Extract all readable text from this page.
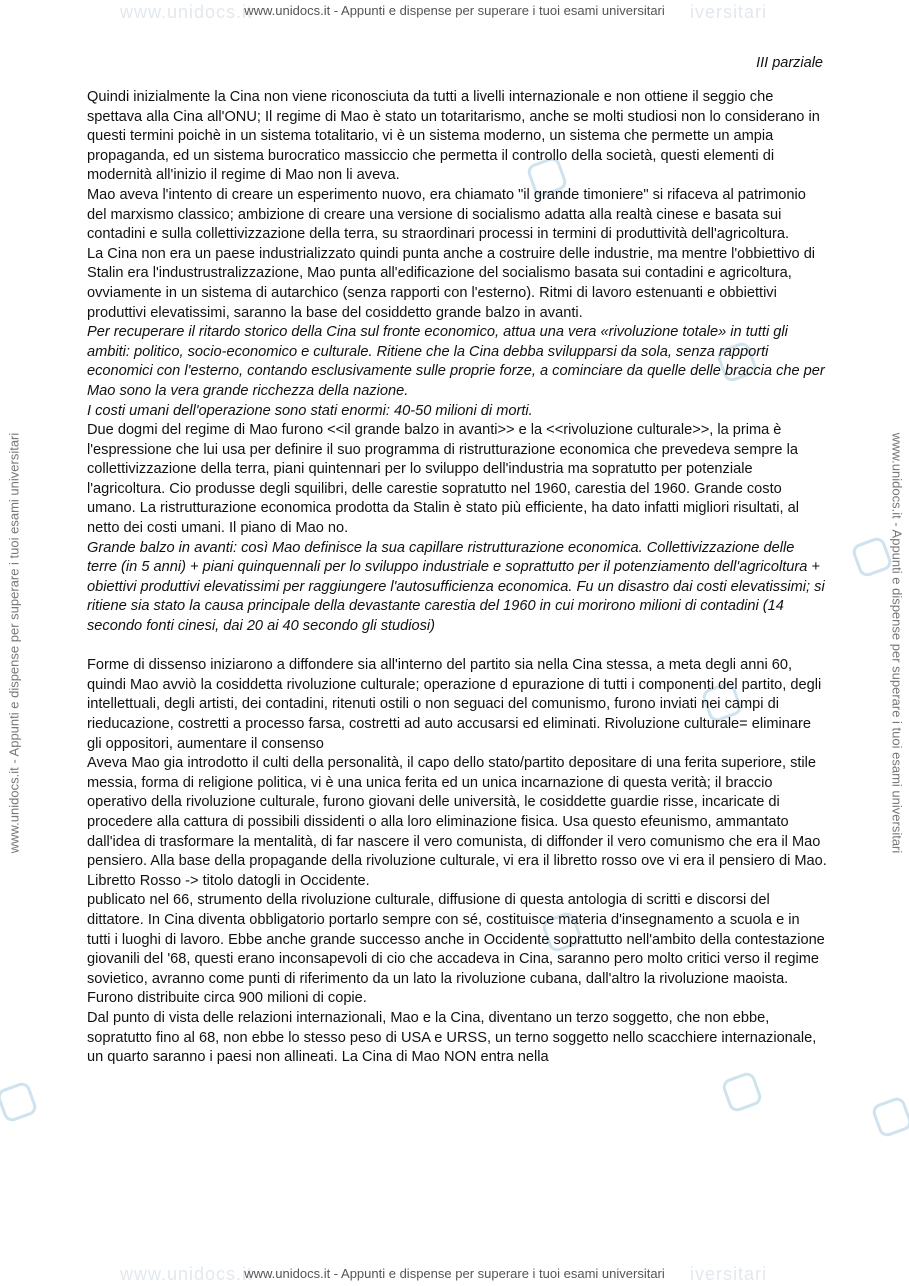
www.unidocs.it	iversitari
www.unidocs.it	iversitari
www.unidocs.it - Appunti e dispense per superare i tuoi esami universitari
www.unidocs.it - Appunti e dispense per superare i tuoi esami universitari
www.unidocs.it - Appunti e dispense per superare i tuoi esami universitari	www.unidocs.it - Appunti e dispense per superare i tuoi esami universitari
III parziale

Quindi inizialmente la Cina non viene riconosciuta da tutti a livelli internazionale e non ottiene il seggio che spettava alla Cina all'ONU; Il regime di Mao è stato un totaritarismo, anche se molti studiosi non lo considerano in questi termini poichè in un sistema totalitario, vi è un sistema moderno, un sistema che permette un ampia propaganda, ed un sistema burocratico massiccio che permetta il controllo della società, questi elementi di modernità all'inizio il regime di Mao non li aveva.

Mao aveva l'intento di creare un esperimento nuovo, era chiamato "il grande timoniere" si rifaceva al patrimonio del marxismo classico; ambizione di creare una versione di socialismo adatta alla realtà cinese e basata sui contadini e sulla collettivizzazione della terra, su straordinari processi in termini di produttività dell'agricoltura.

La Cina non era un paese industrializzato quindi punta anche a costruire delle industrie, ma mentre l'obbiettivo di Stalin era l'industrustralizzazione, Mao punta all'edificazione del socialismo basata sui contadini e agricoltura, ovviamente in un sistema di autarchico (senza rapporti con l'esterno). Ritmi di lavoro estenuanti e obbiettivi produttivi elevatissimi, saranno la base del cosiddetto grande balzo in avanti.

Per recuperare il ritardo storico della Cina sul fronte economico, attua una vera «rivoluzione totale» in tutti gli ambiti: politico, socio-economico e culturale. Ritiene che la Cina debba svilupparsi da sola, senza rapporti economici con l'esterno, contando esclusivamente sulle proprie forze, a cominciare da quelle delle braccia che per Mao sono la vera grande ricchezza della nazione.

I costi umani dell'operazione sono stati enormi: 40-50 milioni di morti.

Due dogmi del regime di Mao furono <<il grande balzo in avanti>> e la <<rivoluzione culturale>>, la prima è l'espressione che lui usa per definire il suo programma di ristrutturazione economica che prevedeva sempre la collettivizzazione della terra, piani quintennari per lo sviluppo dell'industria ma sopratutto per potenziale l'agricoltura. Cio produsse degli squilibri, delle carestie sopratutto nel 1960, carestia del 1960. Grande costo umano. La ristrutturazione economica prodotta da Stalin è stato più efficiente, ha dato infatti migliori risultati, al netto dei costi umani. Il piano di Mao no.

Grande balzo in avanti: così Mao definisce la sua capillare ristrutturazione economica. Collettivizzazione delle terre (in 5 anni) + piani quinquennali per lo sviluppo industriale e soprattutto per il potenziamento dell'agricoltura + obiettivi produttivi elevatissimi per raggiungere l'autosufficienza economica. Fu un disastro dai costi elevatissimi; si ritiene sia stato la causa principale della devastante carestia del 1960 in cui morirono milioni di contadini (14 secondo fonti cinesi, dai 20 ai 40 secondo gli studiosi)

Forme di dissenso iniziarono a diffondere sia all'interno del partito sia nella Cina stessa, a meta degli anni 60, quindi Mao avviò la cosiddetta rivoluzione culturale; operazione d epurazione di tutti i componenti del partito, degli intellettuali, degli artisti, dei contadini, ritenuti ostili o non seguaci del comunismo, furono inviati nei campi di rieducazione, costretti a processo farsa, costretti ad auto accusarsi ed eliminati. Rivoluzione culturale= eliminare gli oppositori, aumentare il consenso

Aveva Mao gia introdotto il culti della personalità, il capo dello stato/partito depositare di una ferita superiore, stile messia, forma di religione politica, vi è una unica ferita ed un unica incarnazione di questa verità; il braccio operativo della rivoluzione culturale, furono giovani delle università, le cosiddette guardie risse, incaricate di procedere alla cattura di possibili dissidenti o alla loro eliminazione fisica. Usa questo efeunismo, ammantato dall'idea di trasformare la mentalità, di far nascere il vero comunista, di diffonder il vero comunismo che era il Mao pensiero. Alla base della propagande della rivoluzione culturale, vi era il libretto rosso ove vi era il pensiero di Mao.

Libretto Rosso -> titolo datogli in Occidente.

publicato nel 66, strumento della rivoluzione culturale, diffusione di questa antologia di scritti e discorsi del dittatore. In Cina diventa obbligatorio portarlo sempre con sé, costituisce materia d'insegnamento a scuola e in tutti i luoghi di lavoro. Ebbe anche grande successo anche in Occidente soprattutto nell'ambito della contestazione giovanili del '68, questi erano inconsapevoli di cio che accadeva in Cina, saranno pero molto critici verso il regime sovietico, avranno come punti di riferimento da un lato la rivoluzione cubana, dall'altro la rivoluzione maoista.

Furono distribuite circa 900 milioni di copie.

Dal punto di vista delle relazioni internazionali, Mao e la Cina, diventano un terzo soggetto, che non ebbe, sopratutto fino al 68, non ebbe lo stesso peso di USA e URSS, un terno soggetto nello scacchiere internazionale, un quarto saranno i paesi non allineati. La Cina di Mao NON entra nella
